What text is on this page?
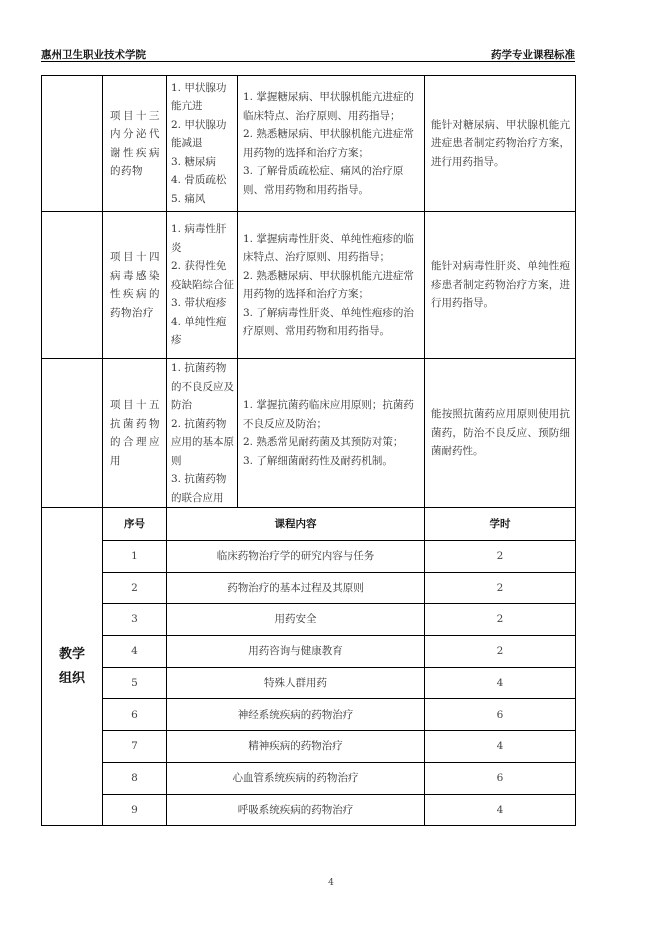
惠州卫生职业技术学院	药学专业课程标准
	项目十三内分泌代谢性疾病的药物	
1. 甲状腺功能亢进
2. 甲状腺功能减退
3. 糖尿病
4. 骨质疏松
5. 痛风

1. 掌握糖尿病、甲状腺机能亢进症的临床特点、治疗原则、用药指导；
2. 熟悉糖尿病、甲状腺机能亢进症常用药物的选择和治疗方案；
3. 了解骨质疏松症、痛风的治疗原则、常用药物和用药指导。
	能针对糖尿病、甲状腺机能亢进症患者制定药物治疗方案，进行用药指导。
	项目十四病毒感染性疾病的药物治疗	
1. 病毒性肝炎
2. 获得性免疫缺陷综合征
3. 带状疱疹
4. 单纯性疱疹

1. 掌握病毒性肝炎、单纯性疱疹的临床特点、治疗原则、用药指导；
2. 熟悉糖尿病、甲状腺机能亢进症常用药物的选择和治疗方案；
3. 了解病毒性肝炎、单纯性疱疹的治疗原则、常用药物和用药指导。
	能针对病毒性肝炎、单纯性疱疹患者制定药物治疗方案，进行用药指导。
	项目十五抗菌药物的合理应用	
1. 抗菌药物的不良反应及防治
2. 抗菌药物应用的基本原则
3. 抗菌药物的联合应用

1. 掌握抗菌药临床应用原则；抗菌药不良反应及防治；
2. 熟悉常见耐药菌及其预防对策；
3. 了解细菌耐药性及耐药机制。
	能按照抗菌药应用原则使用抗菌药，防治不良反应、预防细菌耐药性。

教学组织	序号	课程内容		学时
	1	临床药物治疗学的研究内容与任务		2
	2	药物治疗的基本过程及其原则		2
	3	用药安全		2
	4	用药咨询与健康教育		2
	5	特殊人群用药		4
	6	神经系统疾病的药物治疗		6
	7	精神疾病的药物治疗		4
	8	心血管系统疾病的药物治疗		6
	9	呼吸系统疾病的药物治疗		4
4
